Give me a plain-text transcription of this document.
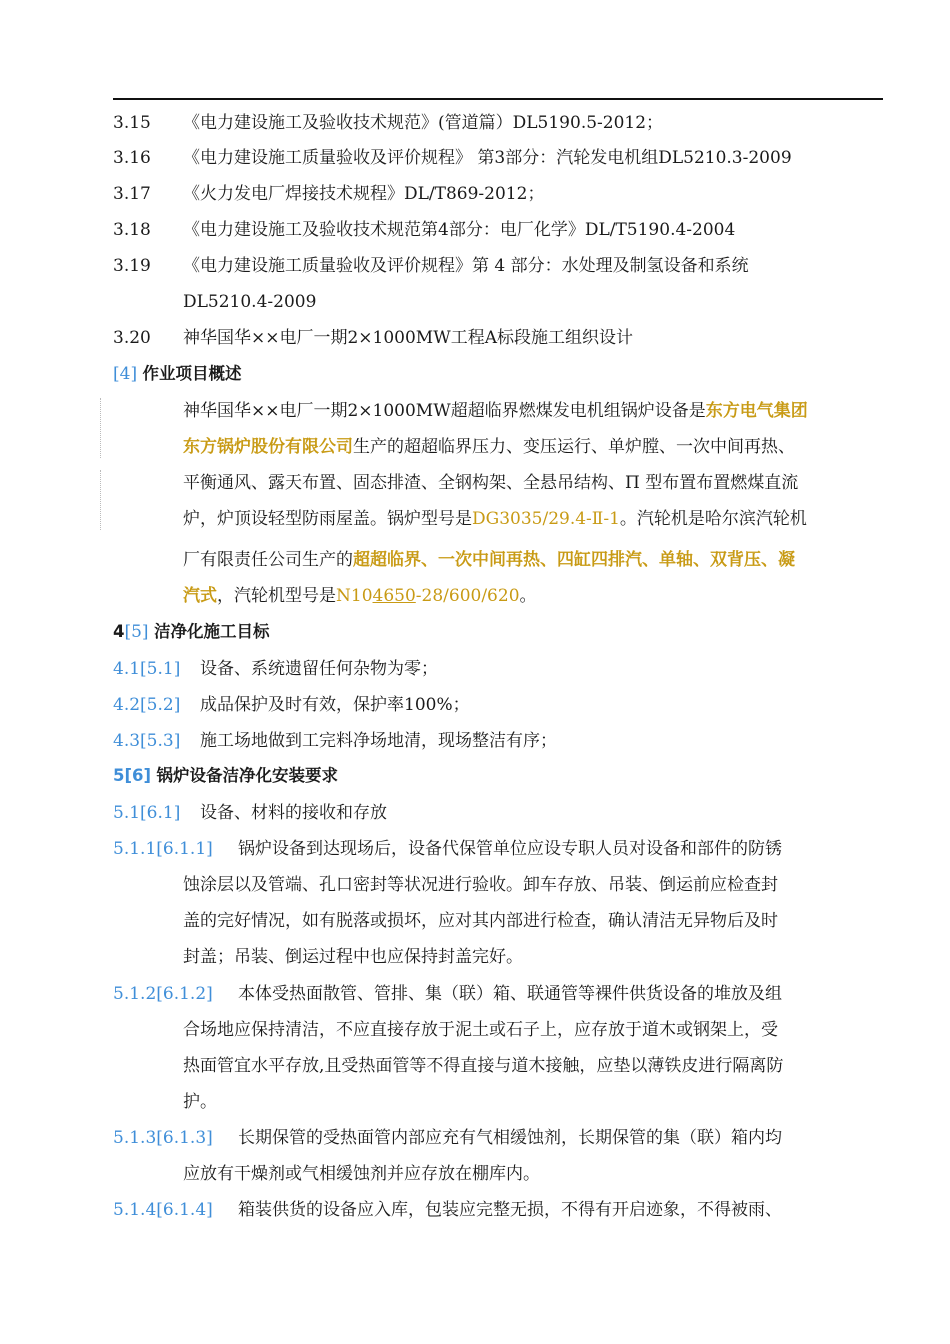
3.15 《电力建设施工及验收技术规范》(管道篇）DL5190.5-2012；
3.16 《电力建设施工质量验收及评价规程》 第3部分：汽轮发电机组DL5210.3-2009
3.17 《火力发电厂焊接技术规程》DL/T869-2012；
3.18 《电力建设施工及验收技术规范第4部分：电厂化学》DL/T5190.4-2004
3.19 《电力建设施工质量验收及评价规程》第 4 部分：水处理及制氢设备和系统
DL5210.4-2009
3.20 神华国华××电厂一期2×1000MW工程A标段施工组织设计
[4] 作业项目概述
神华国华××电厂一期2×1000MW超超临界燃煤发电机组锅炉设备是东方电气集团
东方锅炉股份有限公司生产的超超临界压力、变压运行、单炉膛、一次中间再热、
平衡通风、露天布置、固态排渣、全钢构架、全悬吊结构、Π 型布置布置燃煤直流
炉，炉顶设轻型防雨屋盖。锅炉型号是DG3035/29.4-Ⅱ-1。汽轮机是哈尔滨汽轮机
厂有限责任公司生产的超超临界、一次中间再热、四缸四排汽、单轴、双背压、凝
汽式，汽轮机型号是N104650-28/600/620。
4[5] 洁净化施工目标
4.1[5.1] 设备、系统遗留任何杂物为零；
4.2[5.2] 成品保护及时有效，保护率100%；
4.3[5.3] 施工场地做到工完料净场地清，现场整洁有序；
5[6] 锅炉设备洁净化安装要求
5.1[6.1] 设备、材料的接收和存放
5.1.1[6.1.1] 锅炉设备到达现场后，设备代保管单位应设专职人员对设备和部件的防锈
蚀涂层以及管端、孔口密封等状况进行验收。卸车存放、吊装、倒运前应检查封
盖的完好情况，如有脱落或损坏，应对其内部进行检查，确认清洁无异物后及时
封盖；吊装、倒运过程中也应保持封盖完好。
5.1.2[6.1.2] 本体受热面散管、管排、集（联）箱、联通管等裸件供货设备的堆放及组
合场地应保持清洁，不应直接存放于泥土或石子上，应存放于道木或钢架上，受
热面管宜水平存放,且受热面管等不得直接与道木接触，应垫以薄铁皮进行隔离防
护。
5.1.3[6.1.3] 长期保管的受热面管内部应充有气相缓蚀剂，长期保管的集（联）箱内均
应放有干燥剂或气相缓蚀剂并应存放在棚库内。
5.1.4[6.1.4] 箱装供货的设备应入库，包装应完整无损，不得有开启迹象，不得被雨、
